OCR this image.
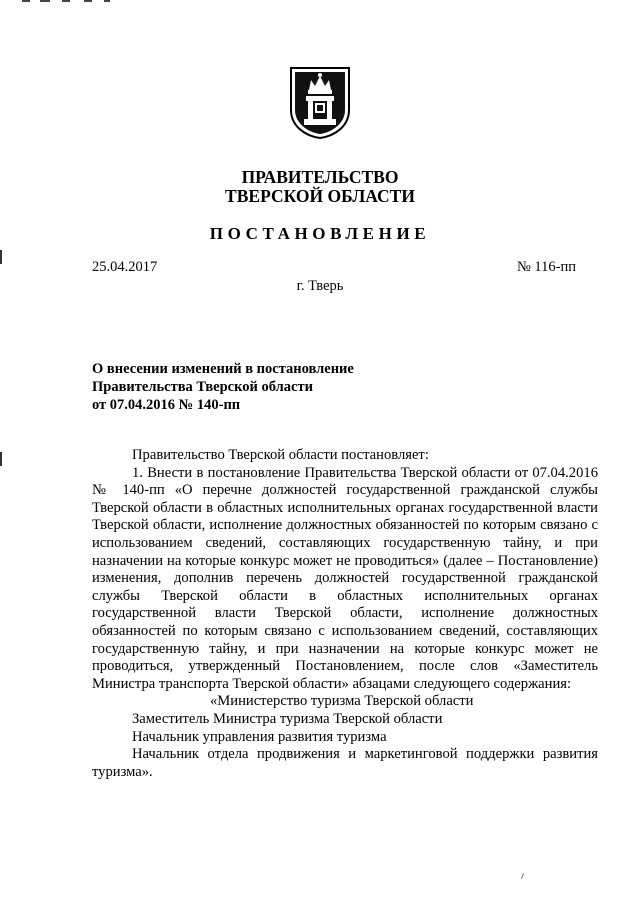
ПРАВИТЕЛЬСТВО
ТВЕРСКОЙ ОБЛАСТИ
ПОСТАНОВЛЕНИЕ
25.04.2017	№ 116-пп
г. Тверь
О внесении изменений в постановление
Правительства Тверской области
от 07.04.2016 № 140-пп

Правительство Тверской области постановляет:

1. Внести в постановление Правительства Тверской области от 07.04.2016 № 140-пп «О перечне должностей государственной гражданской службы Тверской области в областных исполнительных органах государственной власти Тверской области, исполнение должностных обязанностей по которым связано с использованием сведений, составляющих государственную тайну, и при назначении на которые конкурс может не проводиться» (далее – Постановление) изменения, дополнив перечень должностей государственной гражданской службы Тверской области в областных исполнительных органах государственной власти Тверской области, исполнение должностных обязанностей по которым связано с использованием сведений, составляющих государственную тайну, и при назначении на которые конкурс может не проводиться, утвержденный Постановлением, после слов «Заместитель Министра транспорта Тверской области» абзацами следующего содержания:

«Министерство туризма Тверской области

Заместитель Министра туризма Тверской области

Начальник управления развития туризма

Начальник отдела продвижения и маркетинговой поддержки развития туризма».
